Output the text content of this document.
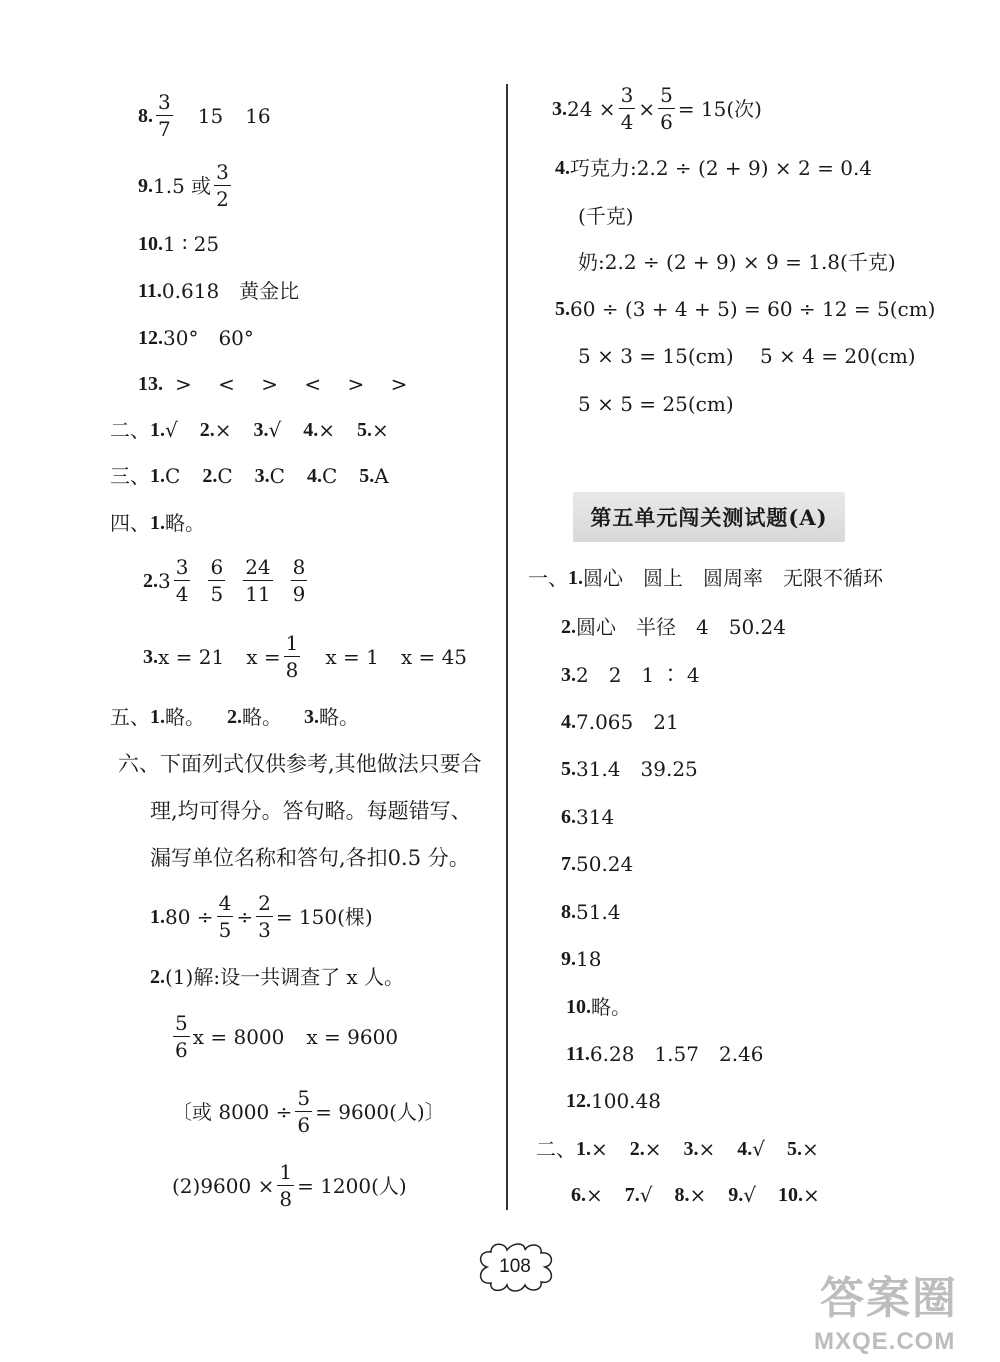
8. $\frac{3}{7} 15$ 16
9. 1.5 或 $\frac{3}{2}$
10. 1 ∶ 25
11. 0.618　黄金比
12. 30°　60°
13. >　 <　 >　 <　 >　 >
二、 1. √ 2. × 3. √ 4. × 5. ×
三、 1. C 2. C 3. C 4. C 5. A
四、 1. 略。
2. $3 \frac{3}{4} \frac{6}{5} \frac{24}{11} \frac{8}{9}$
3. x = 21 $x = \frac{1}{8}$ x = 1 x = 45
五、 1. 略。 2. 略。 3. 略。
六、 下面列式仅供参考,其他做法只要合
理,均可得分。答句略。每题错写、
漏写单位名称和答句,各扣0.5 分。
1. $80 \div \frac{4}{5} \div \frac{2}{3} = 150$(棵)
2. (1)解:设一共调查了 x 人。
$\frac{5}{6}$ x = 8000 x = 9600
〔或 $8000 \div \frac{5}{6} = 9600$(人)〕
$(2)9600 \times \frac{1}{8} = 1200$(人)
3. $24 \times \frac{3}{4} \times \frac{5}{6} = 15$(次)
4. 巧克力:2.2 ÷ (2 + 9) × 2 = 0.4
(千克)
奶:2.2 ÷ (2 + 9) × 9 = 1.8(千克)
5. 60 ÷ (3 + 4 + 5) = 60 ÷ 12 = 5(cm)
5 × 3 = 15(cm)　 5 × 4 = 20(cm)
5 × 5 = 25(cm)
第五单元闯关测试题(A)
一、 1. 圆心　圆上　圆周率　无限不循环
2. 圆心　半径　4　50.24
3. 2　2　1 ∶ 4
4. 7.065　21
5. 31.4　39.25
6. 314
7. 50.24
8. 51.4
9. 18
10. 略。
11. 6.28　1.57　2.46
12. 100.48
二、 1. × 2. × 3. × 4. √ 5. ×
6. × 7. √ 8. × 9. √ 10. ×
108
答案圈
MXQE.COM
